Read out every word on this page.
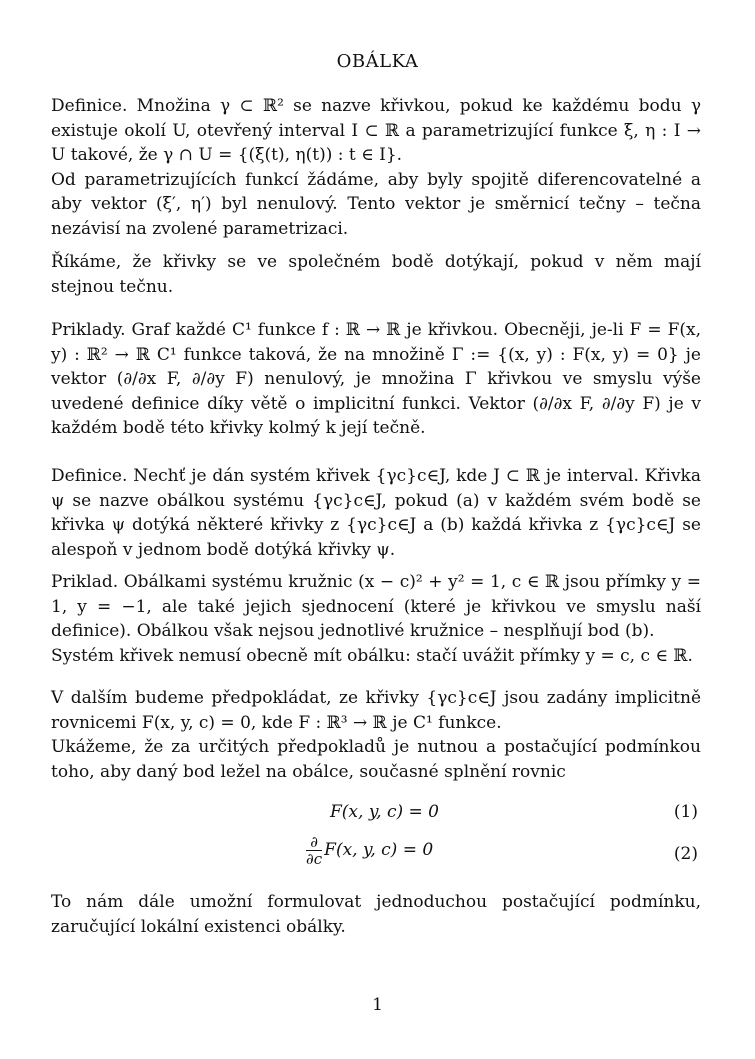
OBÁLKA

Definice. Množina γ ⊂ ℝ² se nazve křivkou, pokud ke každému bodu γ existuje okolí U, otevřený interval I ⊂ ℝ a parametrizující funkce ξ, η : I → U takové, že γ ∩ U = {(ξ(t), η(t)) : t ∈ I}.

Od parametrizujících funkcí žádáme, aby byly spojitě diferencovatelné a aby vektor (ξ′, η′) byl nenulový. Tento vektor je směrnicí tečny – tečna nezávisí na zvolené parametrizaci.

Říkáme, že křivky se ve společném bodě dotýkají, pokud v něm mají stejnou tečnu.

Priklady. Graf každé C¹ funkce f : ℝ → ℝ je křivkou. Obecněji, je-li F = F(x, y) : ℝ² → ℝ C¹ funkce taková, že na množině Γ := {(x, y) : F(x, y) = 0} je vektor (∂/∂x F, ∂/∂y F) nenulový, je množina Γ křivkou ve smyslu výše uvedené definice díky větě o implicitní funkci. Vektor (∂/∂x F, ∂/∂y F) je v každém bodě této křivky kolmý k její tečně.

Definice. Nechť je dán systém křivek {γc}c∈J, kde J ⊂ ℝ je interval. Křivka ψ se nazve obálkou systému {γc}c∈J, pokud (a) v každém svém bodě se křivka ψ dotýká některé křivky z {γc}c∈J a (b) každá křivka z {γc}c∈J se alespoň v jednom bodě dotýká křivky ψ.

Priklad. Obálkami systému kružnic (x − c)² + y² = 1, c ∈ ℝ jsou přímky y = 1, y = −1, ale také jejich sjednocení (které je křivkou ve smyslu naší definice). Obálkou však nejsou jednotlivé kružnice – nesplňují bod (b).

Systém křivek nemusí obecně mít obálku: stačí uvážit přímky y = c, c ∈ ℝ.

V dalším budeme předpokládat, ze křivky {γc}c∈J jsou zadány implicitně rovnicemi F(x, y, c) = 0, kde F : ℝ³ → ℝ je C¹ funkce.

Ukážeme, že za určitých předpokladů je nutnou a postačující podmínkou toho, aby daný bod ležel na obálce, současné splnění rovnic

F(x, y, c) = 0	(1)
$\frac{\partial}{\partial c} F(x$, y, c) = 0	(2)

To nám dále umožní formulovat jednoduchou postačující podmínku, zaručující lokální existenci obálky.

1
